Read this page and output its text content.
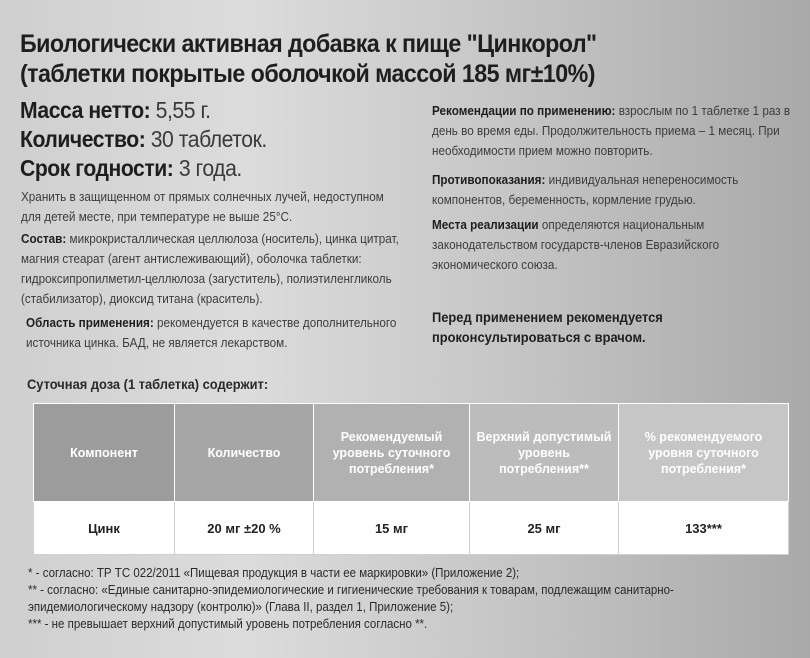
Биологически активная добавка к пище "Цинкорол"
(таблетки покрытые оболочкой массой 185 мг±10%)
Масса нетто: 5,55 г.
Количество: 30 таблеток.
Срок годности: 3 года.
Хранить в защищенном от прямых солнечных лучей, недоступном для детей месте, при температуре не выше 25°С.
Состав: микрокристаллическая целлюлоза (носитель), цинка цитрат, магния стеарат (агент антислеживающий), оболочка таблетки: гидроксипропилметил-целлюлоза (загуститель), полиэтиленгликоль (стабилизатор), диоксид титана (краситель).
Область применения: рекомендуется в качестве дополнительного источника цинка. БАД, не является лекарством.
Рекомендации по применению: взрослым по 1 таблетке 1 раз в день во время еды. Продолжительность приема – 1 месяц. При необходимости прием можно повторить.
Противопоказания: индивидуальная непереносимость компонентов, беременность, кормление грудью.
Места реализации определяются национальным законодательством государств-членов Евразийского экономического союза.
Перед применением рекомендуется проконсультироваться с врачом.
Суточная доза (1 таблетка) содержит:
Компонент	Количество	Рекомендуемый уровень суточного потребления*	Верхний допустимый уровень потребления**	% рекомендуемого уровня суточного потребления*
Цинк	20 мг ±20 %	15 мг	25 мг	133***

* - согласно: ТР ТС 022/2011 «Пищевая продукция в части ее маркировки» (Приложение 2);

** - согласно: «Единые санитарно-эпидемиологические и гигиенические требования к товарам, подлежащим санитарно-эпидемиологическому надзору (контролю)» (Глава II, раздел 1, Приложение 5);

*** - не превышает верхний допустимый уровень потребления согласно **.
